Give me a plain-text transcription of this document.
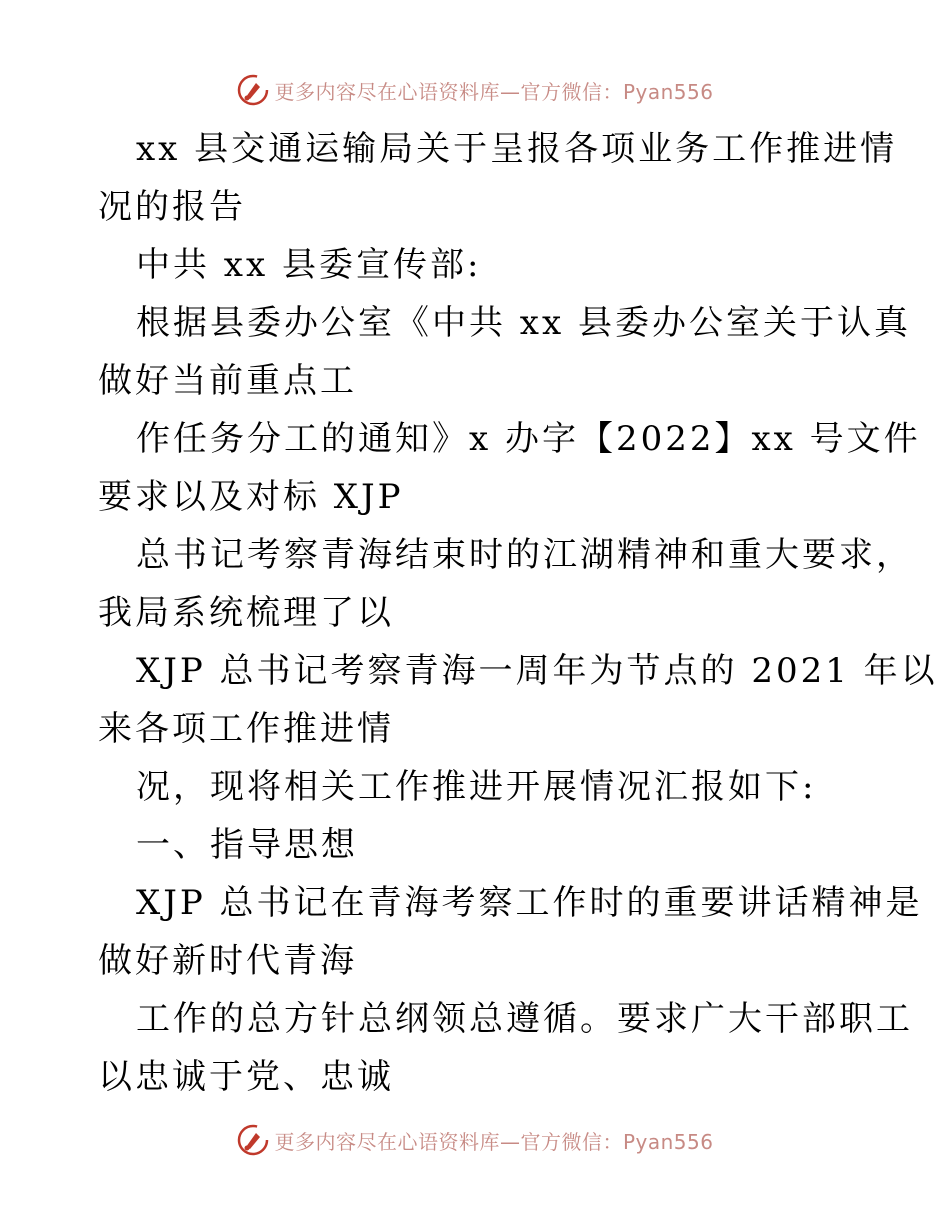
更多内容尽在心语资料库—官方微信：Pyan556
xx 县交通运输局关于呈报各项业务工作推进情
况的报告
中共 xx 县委宣传部:
根据县委办公室《中共 xx 县委办公室关于认真
做好当前重点工
作任务分工的通知》x 办字【2022】xx 号文件
要求以及对标 XJP
总书记考察青海结束时的江湖精神和重大要求，
我局系统梳理了以
XJP 总书记考察青海一周年为节点的 2021 年以
来各项工作推进情
况，现将相关工作推进开展情况汇报如下:
一、指导思想
XJP 总书记在青海考察工作时的重要讲话精神是
做好新时代青海
工作的总方针总纲领总遵循。要求广大干部职工
以忠诚于党、忠诚
更多内容尽在心语资料库—官方微信：Pyan556
